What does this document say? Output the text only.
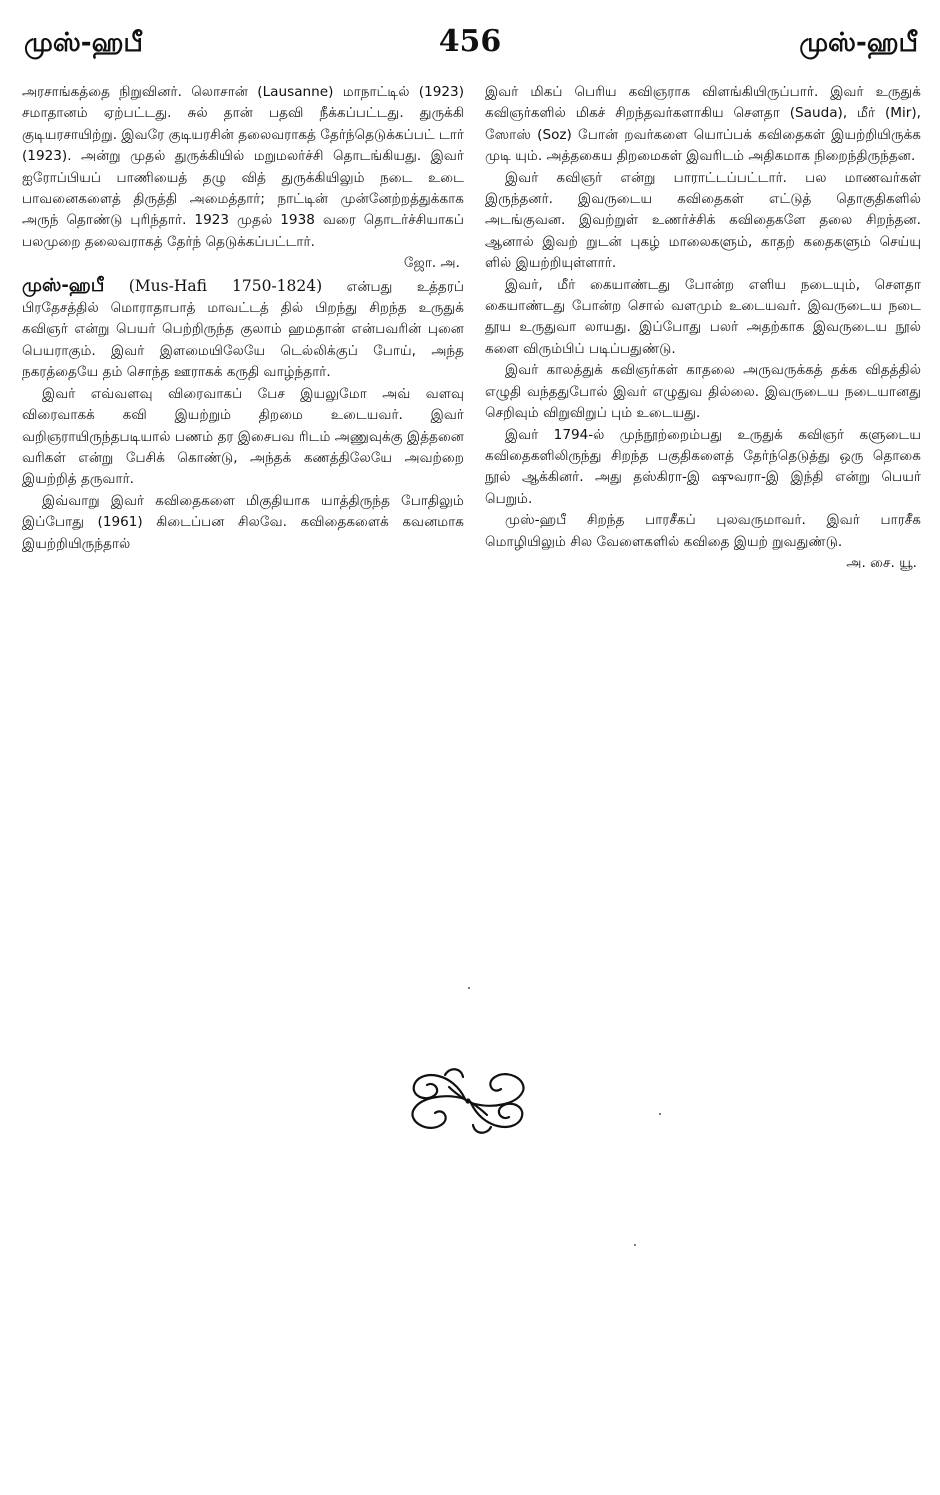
முஸ்-ஹபீ	456	முஸ்-ஹபீ

அரசாங்கத்தை நிறுவினர். லொசான் (Lausanne) மாநாட்டில் (1923) சமாதானம் ஏற்பட்டது. சுல் தான் பதவி நீக்கப்பட்டது. துருக்கி குடியரசாயிற்று. இவரே குடியரசின் தலைவராகத் தேர்ந்தெடுக்கப்பட் டார் (1923). அன்று முதல் துருக்கியில் மறுமலர்ச்சி தொடங்கியது. இவர் ஐரோப்பியப் பாணியைத் தழு வித் துருக்கியிலும் நடை உடை பாவனைகளைத் திருத்தி அமைத்தார்; நாட்டின் முன்னேற்றத்துக்காக அருந் தொண்டு புரிந்தார். 1923 முதல் 1938 வரை தொடர்ச்சியாகப் பலமுறை தலைவராகத் தேர்ந் தெடுக்கப்பட்டார்.

ஜோ. அ.

முஸ்-ஹபீ (Mus-Hafi 1750-1824) என்பது உத்தரப் பிரதேசத்தில் மொராதாபாத் மாவட்டத் தில் பிறந்து சிறந்த உருதுக் கவிஞர் என்று பெயர் பெற்றிருந்த குலாம் ஹமதான் என்பவரின் புனை பெயராகும். இவர் இளமையிலேயே டெல்லிக்குப் போய், அந்த நகரத்தையே தம் சொந்த ஊராகக் கருதி வாழ்ந்தார்.

இவர் எவ்வளவு விரைவாகப் பேச இயலுமோ அவ் வளவு விரைவாகக் கவி இயற்றும் திறமை உடையவர். இவர் வறிஞராயிருந்தபடியால் பணம் தர இசைபவ ரிடம் அணுவுக்கு இத்தனை வரிகள் என்று பேசிக் கொண்டு, அந்தக் கணத்திலேயே அவற்றை இயற்றித் தருவார்.

இவ்வாறு இவர் கவிதைகளை மிகுதியாக யாத்திருந்த போதிலும் இப்போது (1961) கிடைப்பன சிலவே. கவிதைகளைக் கவனமாக இயற்றியிருந்தால்

இவர் மிகப் பெரிய கவிஞராக விளங்கியிருப்பார். இவர் உருதுக் கவிஞர்களில் மிகச் சிறந்தவர்களாகிய சௌதா (Sauda), மீர் (Mir), ஸோஸ் (Soz) போன் றவர்களை யொப்பக் கவிதைகள் இயற்றியிருக்க முடி யும். அத்தகைய திறமைகள் இவரிடம் அதிகமாக நிறைந்திருந்தன.

இவர் கவிஞர் என்று பாராட்டப்பட்டார். பல மாணவர்கள் இருந்தனர். இவருடைய கவிதைகள் எட்டுத் தொகுதிகளில் அடங்குவன. இவற்றுள் உணர்ச்சிக் கவிதைகளே தலை சிறந்தன. ஆனால் இவற் றுடன் புகழ் மாலைகளும், காதற் கதைகளும் செய்யு ளில் இயற்றியுள்ளார்.

இவர், மீர் கையாண்டது போன்ற எளிய நடையும், சௌதா கையாண்டது போன்ற சொல் வளமும் உடையவர். இவருடைய நடை தூய உருதுவா லாயது. இப்போது பலர் அதற்காக இவருடைய நூல் களை விரும்பிப் படிப்பதுண்டு.

இவர் காலத்துக் கவிஞர்கள் காதலை அருவருக்கத் தக்க விதத்தில் எழுதி வந்ததுபோல் இவர் எழுதுவ தில்லை. இவருடைய நடையானது செறிவும் விறுவிறுப் பும் உடையது.

இவர் 1794-ல் முந்நூற்றைம்பது உருதுக் கவிஞர் களுடைய கவிதைகளிலிருந்து சிறந்த பகுதிகளைத் தேர்ந்தெடுத்து ஒரு தொகை நூல் ஆக்கினர். அது தஸ்கிரா-இ ஷுவரா-இ இந்தி என்று பெயர் பெறும்.

முஸ்-ஹபீ சிறந்த பாரசீகப் புலவருமாவர். இவர் பாரசீக மொழியிலும் சில வேளைகளில் கவிதை இயற் றுவதுண்டு.

அ. சை. யூ.
